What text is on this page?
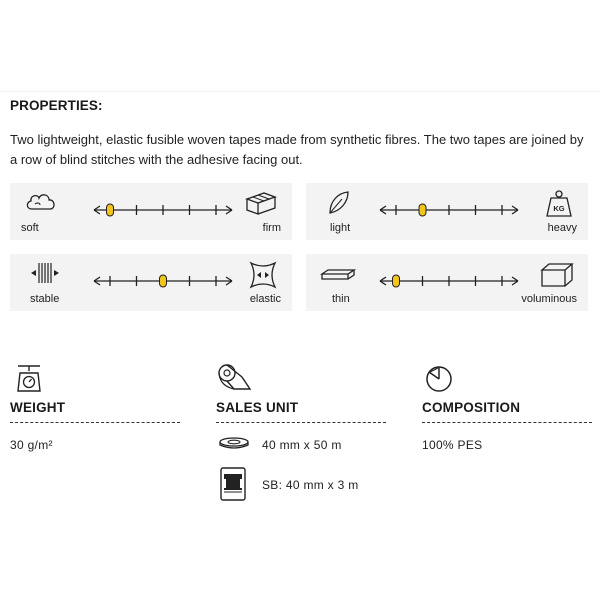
PROPERTIES:
Two lightweight, elastic fusible woven tapes made from synthetic fibres. The two tapes are joined by a row of blind stitches with the adhesive facing out.
soft	firm
KG
light	heavy
stable	elastic	thin	voluminous
WEIGHT
30 g/m²
SALES UNIT
40 mm x 50 m
SB: 40 mm x 3 m
COMPOSITION
100% PES
